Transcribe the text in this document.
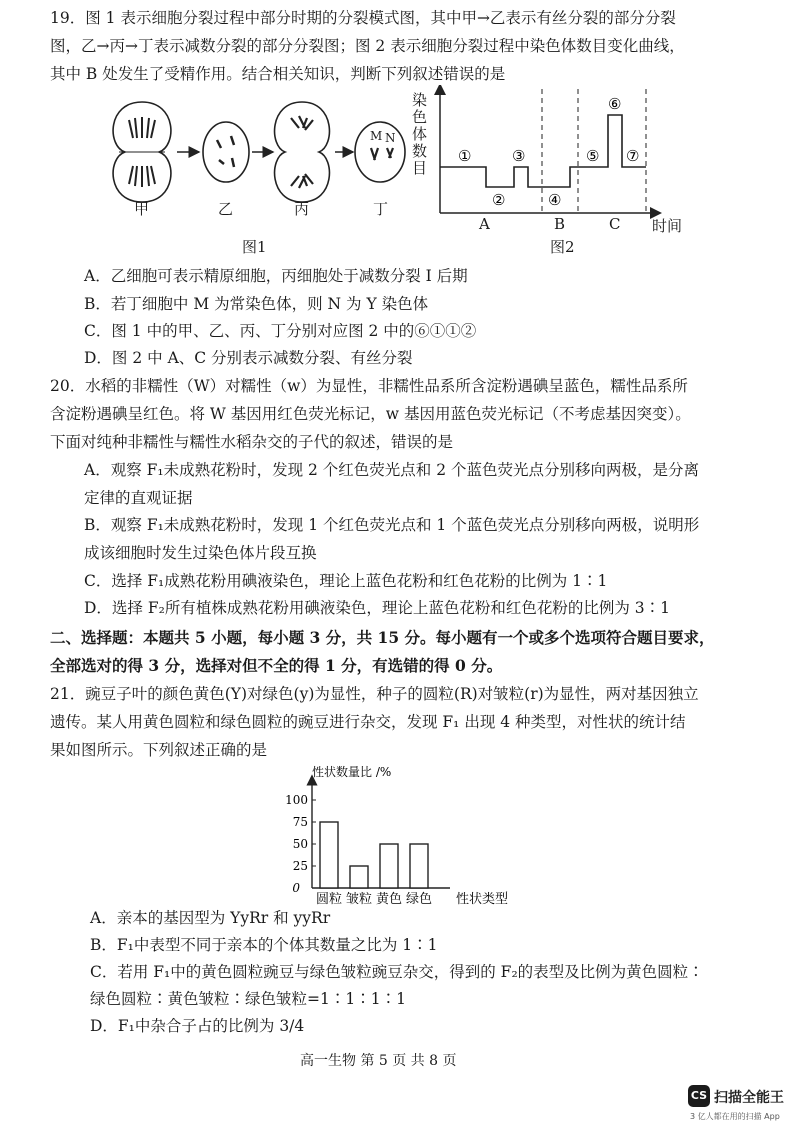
19．图 1 表示细胞分裂过程中部分时期的分裂模式图，其中甲→乙表示有丝分裂的部分分裂
图，乙→丙→丁表示减数分裂的部分分裂图；图 2 表示细胞分裂过程中染色体数目变化曲线，
其中 B 处发生了受精作用。结合相关知识，判断下列叙述错误的是
M N
甲	乙	丙	丁
图1
染色体数目
①
②
③
④
⑤
⑥
⑦
A	B	C 时间
图2
A．乙细胞可表示精原细胞，丙细胞处于减数分裂 I 后期
B．若丁细胞中 M 为常染色体，则 N 为 Y 染色体
C．图 1 中的甲、乙、丙、丁分别对应图 2 中的⑥①①②
D．图 2 中 A、C 分别表示减数分裂、有丝分裂
20．水稻的非糯性（W）对糯性（w）为显性，非糯性品系所含淀粉遇碘呈蓝色，糯性品系所
含淀粉遇碘呈红色。将 W 基因用红色荧光标记，w 基因用蓝色荧光标记（不考虑基因突变）。
下面对纯种非糯性与糯性水稻杂交的子代的叙述，错误的是
A．观察 F₁未成熟花粉时，发现 2 个红色荧光点和 2 个蓝色荧光点分别移向两极，是分离
定律的直观证据
B．观察 F₁未成熟花粉时，发现 1 个红色荧光点和 1 个蓝色荧光点分别移向两极，说明形
成该细胞时发生过染色体片段互换
C．选择 F₁成熟花粉用碘液染色，理论上蓝色花粉和红色花粉的比例为 1∶1
D．选择 F₂所有植株成熟花粉用碘液染色，理论上蓝色花粉和红色花粉的比例为 3∶1
二、选择题：本题共 5 小题，每小题 3 分，共 15 分。每小题有一个或多个选项符合题目要求，
全部选对的得 3 分，选择对但不全的得 1 分，有选错的得 0 分。
21．豌豆子叶的颜色黄色(Y)对绿色(y)为显性，种子的圆粒(R)对皱粒(r)为显性，两对基因独立
遗传。某人用黄色圆粒和绿色圆粒的豌豆进行杂交，发现 F₁ 出现 4 种类型，对性状的统计结
果如图所示。下列叙述正确的是
性状数量比 /%
100
75
50
25
0
圆粒 皱粒 黄色 绿色 性状类型
A．亲本的基因型为 YyRr 和 yyRr
B．F₁中表型不同于亲本的个体其数量之比为 1∶1
C．若用 F₁中的黄色圆粒豌豆与绿色皱粒豌豆杂交，得到的 F₂的表型及比例为黄色圆粒∶
绿色圆粒∶黄色皱粒∶绿色皱粒=1∶1∶1∶1
D．F₁中杂合子占的比例为 3/4
高一生物 第 5 页 共 8 页
CS 扫描全能王
3 亿人都在用的扫描 App
